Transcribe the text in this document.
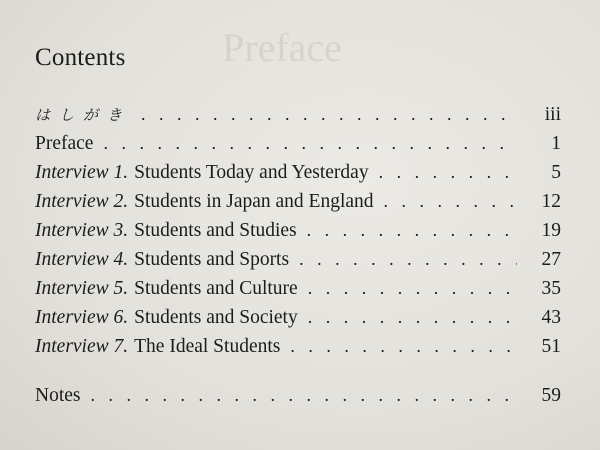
Preface
Contents
はしがき . . .	iii
Preface . . .	1
Interview 1. Students Today and Yesterday . . .	5
Interview 2. Students in Japan and England . . .	12
Interview 3. Students and Studies . . .	19
Interview 4. Students and Sports . . .	27
Interview 5. Students and Culture . . .	35
Interview 6. Students and Society . . .	43
Interview 7. The Ideal Students . . .	51
Notes . . .	59
